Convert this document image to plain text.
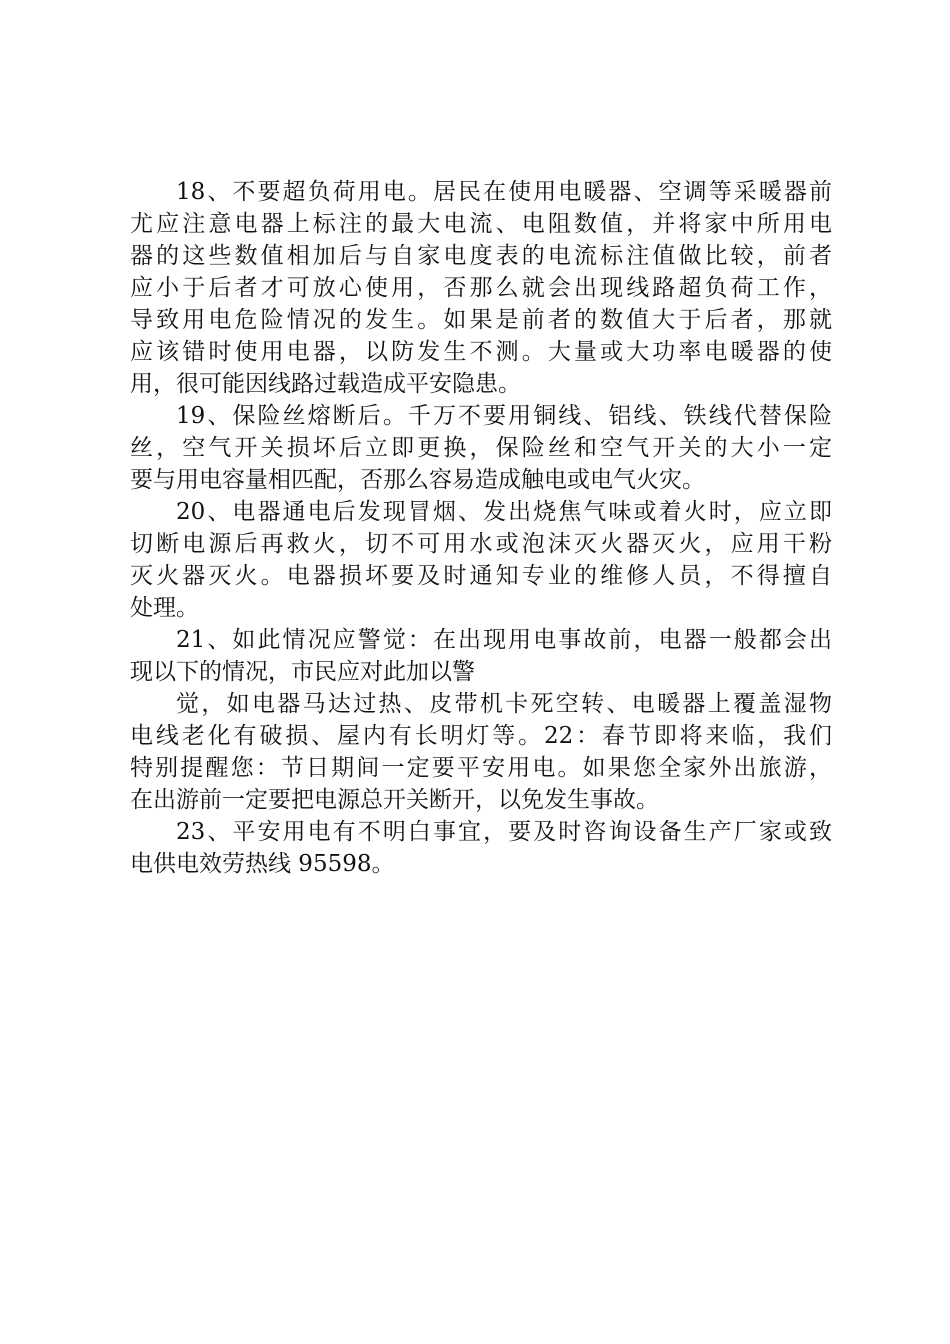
18、不要超负荷用电。居民在使用电暖器、空调等采暖器前
尤应注意电器上标注的最大电流、电阻数值，并将家中所用电
器的这些数值相加后与自家电度表的电流标注值做比较，前者
应小于后者才可放心使用，否那么就会出现线路超负荷工作，
导致用电危险情况的发生。如果是前者的数值大于后者，那就
应该错时使用电器，以防发生不测。大量或大功率电暖器的使
用，很可能因线路过载造成平安隐患。
19、保险丝熔断后。千万不要用铜线、铝线、铁线代替保险
丝，空气开关损坏后立即更换，保险丝和空气开关的大小一定
要与用电容量相匹配，否那么容易造成触电或电气火灾。
20、电器通电后发现冒烟、发出烧焦气味或着火时，应立即
切断电源后再救火，切不可用水或泡沫灭火器灭火，应用干粉
灭火器灭火。电器损坏要及时通知专业的维修人员，不得擅自
处理。
21、如此情况应警觉：在出现用电事故前，电器一般都会出
现以下的情况，市民应对此加以警
觉，如电器马达过热、皮带机卡死空转、电暖器上覆盖湿物
电线老化有破损、屋内有长明灯等。22：春节即将来临，我们
特别提醒您：节日期间一定要平安用电。如果您全家外出旅游，
在出游前一定要把电源总开关断开，以免发生事故。
23、平安用电有不明白事宜，要及时咨询设备生产厂家或致
电供电效劳热线 95598。
